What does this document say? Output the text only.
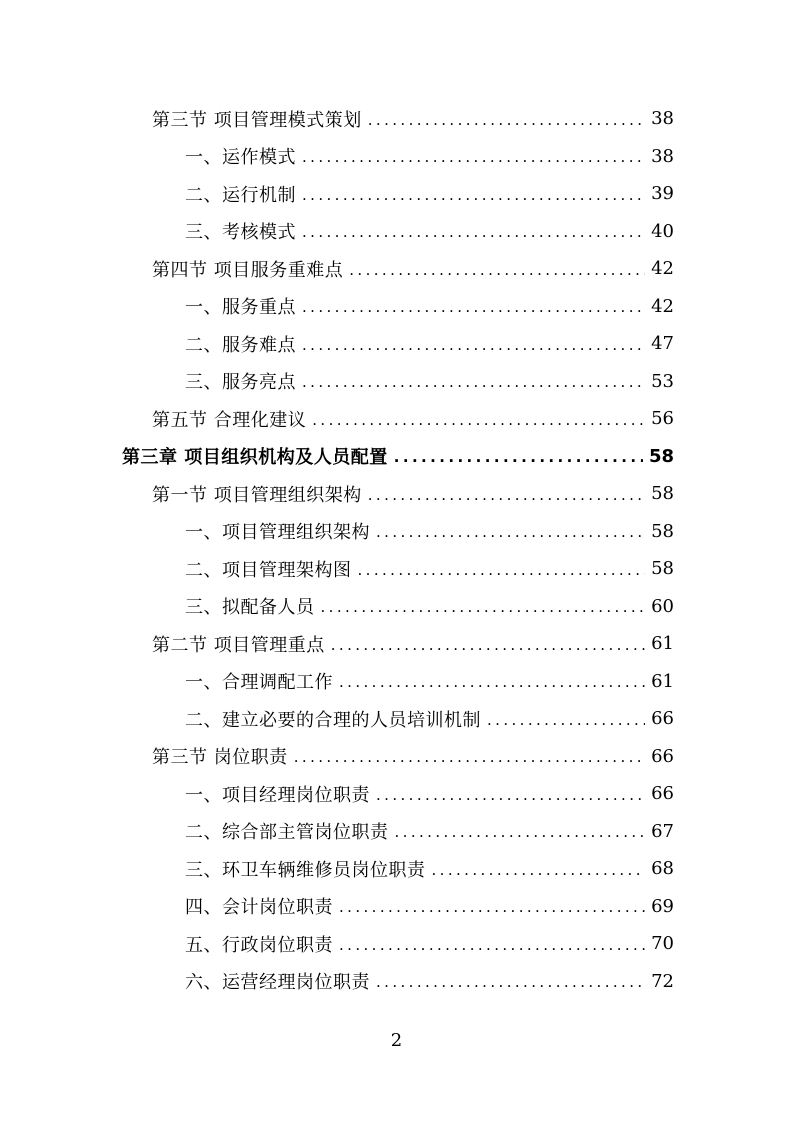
第三节 项目管理模式策划 .....	38
一、运作模式 .....	38
二、运行机制 .....	39
三、考核模式 .....	40
第四节 项目服务重难点 .....	42
一、服务重点 .....	42
二、服务难点 .....	47
三、服务亮点 .....	53
第五节 合理化建议 .....	56
第三章 项目组织机构及人员配置 .....	58
第一节 项目管理组织架构 .....	58
一、项目管理组织架构 .....	58
二、项目管理架构图 .....	58
三、拟配备人员 .....	60
第二节 项目管理重点 .....	61
一、合理调配工作 .....	61
二、建立必要的合理的人员培训机制 .....	66
第三节 岗位职责 .....	66
一、项目经理岗位职责 .....	66
二、综合部主管岗位职责 .....	67
三、环卫车辆维修员岗位职责 .....	68
四、会计岗位职责 .....	69
五、行政岗位职责 .....	70
六、运营经理岗位职责 .....	72
2
